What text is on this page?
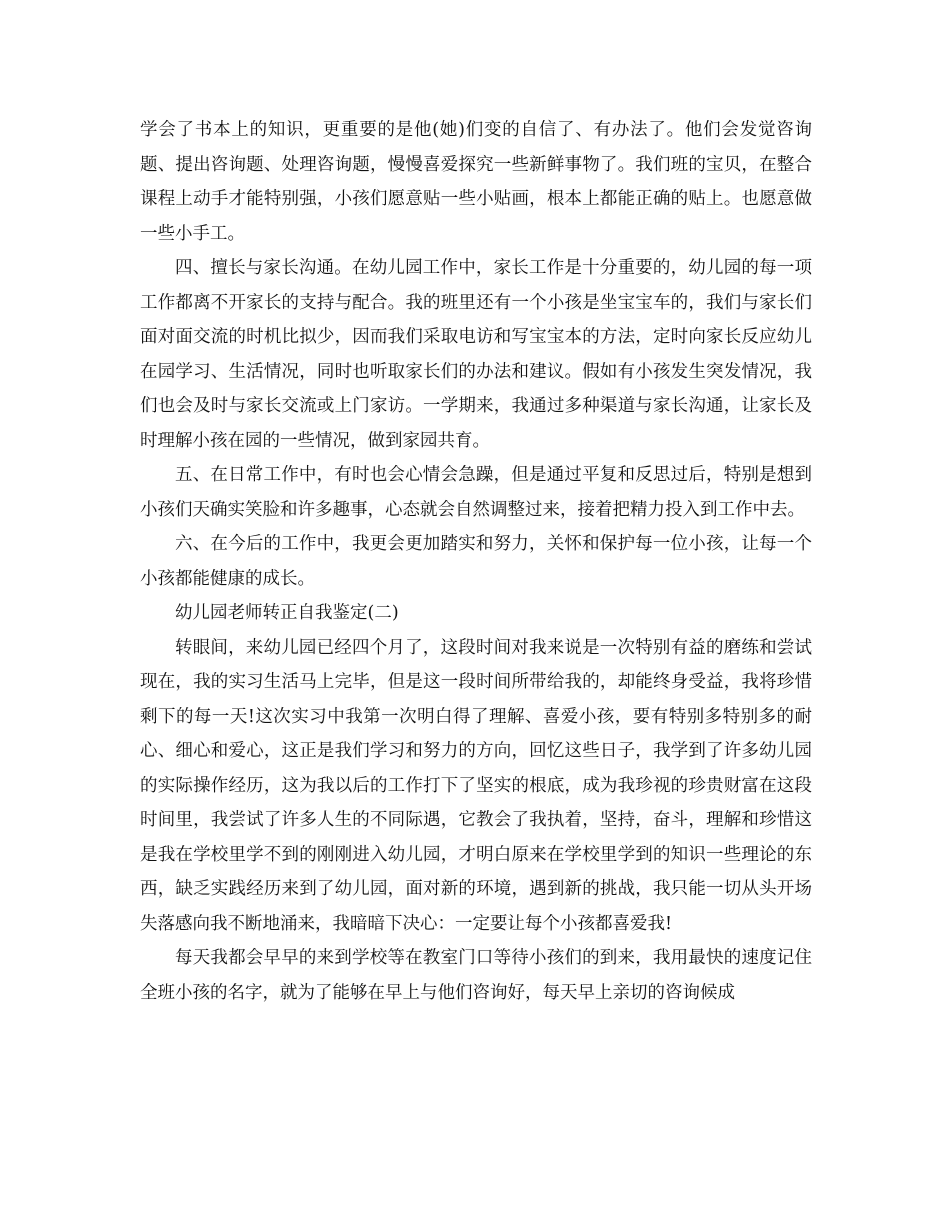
学会了书本上的知识，更重要的是他(她)们变的自信了、有办法了。他们会发觉咨询题、提出咨询题、处理咨询题，慢慢喜爱探究一些新鲜事物了。我们班的宝贝，在整合课程上动手才能特别强，小孩们愿意贴一些小贴画，根本上都能正确的贴上。也愿意做一些小手工。

四、擅长与家长沟通。在幼儿园工作中，家长工作是十分重要的，幼儿园的每一项工作都离不开家长的支持与配合。我的班里还有一个小孩是坐宝宝车的，我们与家长们面对面交流的时机比拟少，因而我们采取电访和写宝宝本的方法，定时向家长反应幼儿在园学习、生活情况，同时也听取家长们的办法和建议。假如有小孩发生突发情况，我们也会及时与家长交流或上门家访。一学期来，我通过多种渠道与家长沟通，让家长及时理解小孩在园的一些情况，做到家园共育。

五、在日常工作中，有时也会心情会急躁，但是通过平复和反思过后，特别是想到小孩们天确实笑脸和许多趣事，心态就会自然调整过来，接着把精力投入到工作中去。

六、在今后的工作中，我更会更加踏实和努力，关怀和保护每一位小孩，让每一个小孩都能健康的成长。

幼儿园老师转正自我鉴定(二)

转眼间，来幼儿园已经四个月了，这段时间对我来说是一次特别有益的磨练和尝试现在，我的实习生活马上完毕，但是这一段时间所带给我的，却能终身受益，我将珍惜剩下的每一天!这次实习中我第一次明白得了理解、喜爱小孩，要有特别多特别多的耐心、细心和爱心，这正是我们学习和努力的方向，回忆这些日子，我学到了许多幼儿园的实际操作经历，这为我以后的工作打下了坚实的根底，成为我珍视的珍贵财富在这段时间里，我尝试了许多人生的不同际遇，它教会了我执着，坚持，奋斗，理解和珍惜这是我在学校里学不到的刚刚进入幼儿园，才明白原来在学校里学到的知识一些理论的东西，缺乏实践经历来到了幼儿园，面对新的环境，遇到新的挑战，我只能一切从头开场失落感向我不断地涌来，我暗暗下决心：一定要让每个小孩都喜爱我!

每天我都会早早的来到学校等在教室门口等待小孩们的到来，我用最快的速度记住全班小孩的名字，就为了能够在早上与他们咨询好，每天早上亲切的咨询候成
